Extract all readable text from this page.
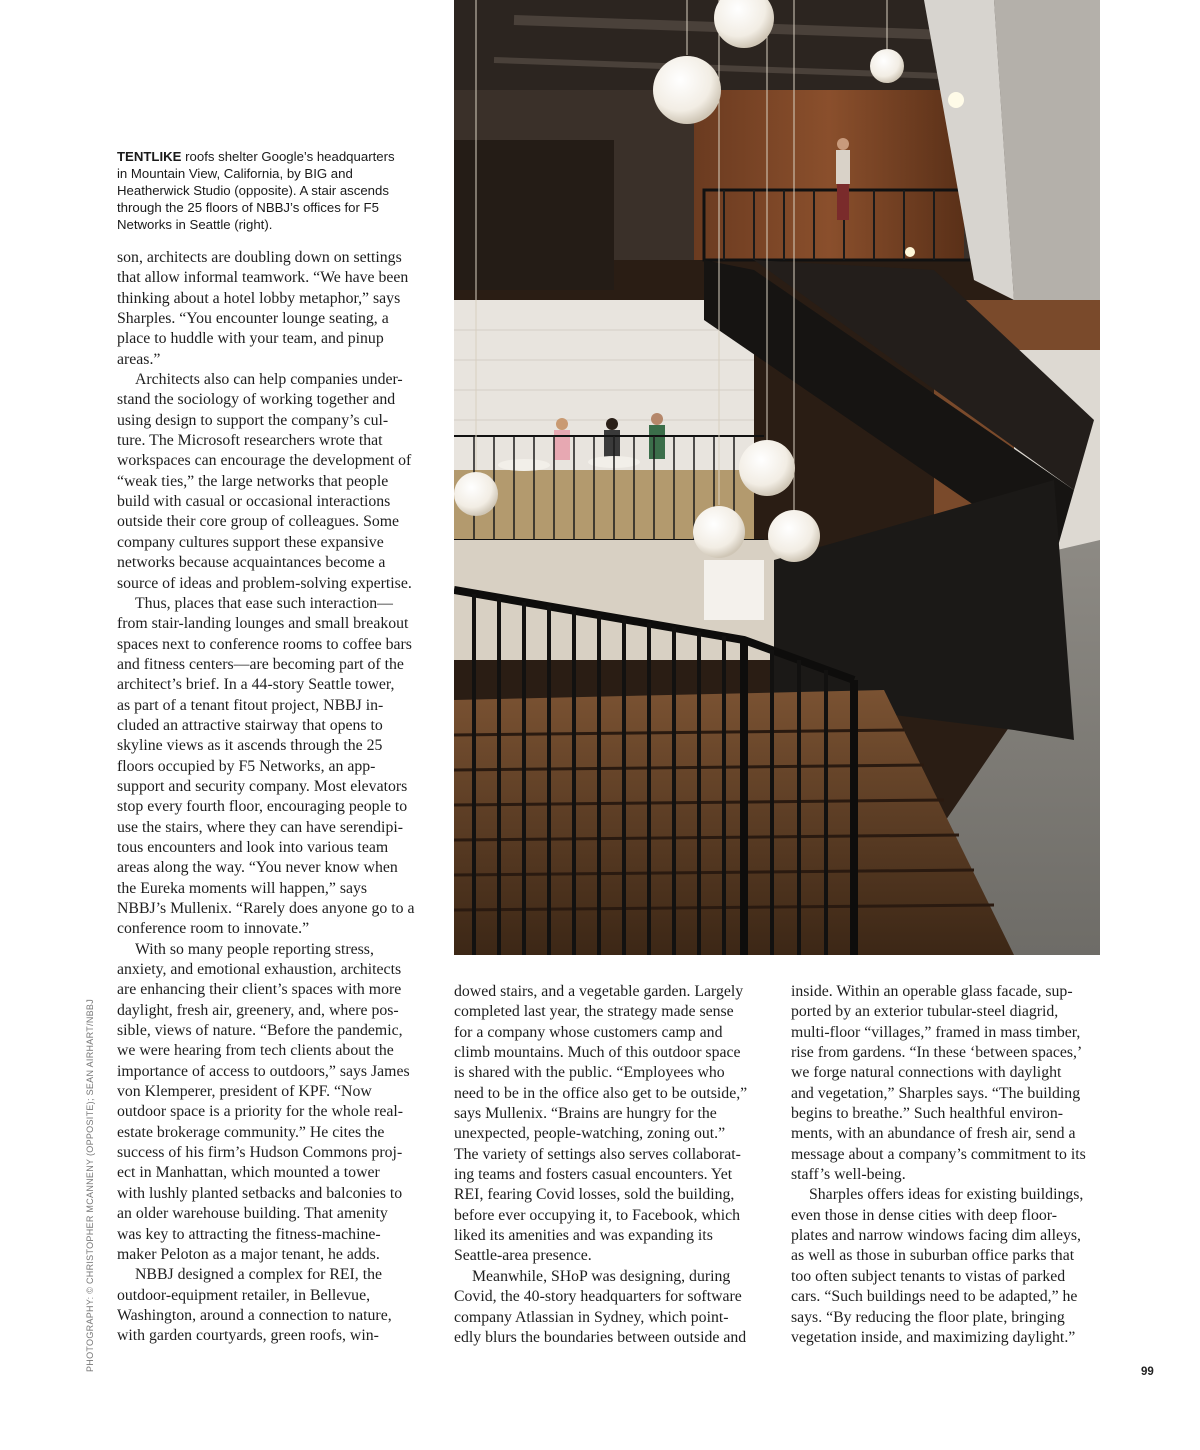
TENTLIKE roofs shelter Google’s headquarters
in Mountain View, California, by BIG and
Heatherwick Studio (opposite). A stair ascends
through the 25 floors of NBBJ’s offices for F5
Networks in Seattle (right).

son, architects are doubling down on settings

that allow informal teamwork. “We have been

thinking about a hotel lobby metaphor,” says

Sharples. “You encounter lounge seating, a

place to huddle with your team, and pinup

areas.”

Architects also can help companies under-

stand the sociology of working together and

using design to support the company’s cul-

ture. The Microsoft researchers wrote that

workspaces can encourage the development of

“weak ties,” the large networks that people

build with casual or occasional interactions

outside their core group of colleagues. Some

company cultures support these expansive

networks because acquaintances become a

source of ideas and problem-solving expertise.

Thus, places that ease such interaction—

from stair-landing lounges and small breakout

spaces next to conference rooms to coffee bars

and fitness centers—are becoming part of the

architect’s brief. In a 44-story Seattle tower,

as part of a tenant fitout project, NBBJ in-

cluded an attractive stairway that opens to

skyline views as it ascends through the 25

floors occupied by F5 Networks, an app-

support and security company. Most elevators

stop every fourth floor, encouraging people to

use the stairs, where they can have serendipi-

tous encounters and look into various team

areas along the way. “You never know when

the Eureka moments will happen,” says

NBBJ’s Mullenix. “Rarely does anyone go to a

conference room to innovate.”

With so many people reporting stress,

anxiety, and emotional exhaustion, architects

are enhancing their client’s spaces with more

daylight, fresh air, greenery, and, where pos-

sible, views of nature. “Before the pandemic,

we were hearing from tech clients about the

importance of access to outdoors,” says James

von Klemperer, president of KPF. “Now

outdoor space is a priority for the whole real-

estate brokerage community.” He cites the

success of his firm’s Hudson Commons proj-

ect in Manhattan, which mounted a tower

with lushly planted setbacks and balconies to

an older warehouse building. That amenity

was key to attracting the fitness-machine-

maker Peloton as a major tenant, he adds.

NBBJ designed a complex for REI, the

outdoor-equipment retailer, in Bellevue,

Washington, around a connection to nature,

with garden courtyards, green roofs, win-

dowed stairs, and a vegetable garden. Largely

completed last year, the strategy made sense

for a company whose customers camp and

climb mountains. Much of this outdoor space

is shared with the public. “Employees who

need to be in the office also get to be outside,”

says Mullenix. “Brains are hungry for the

unexpected, people-watching, zoning out.”

The variety of settings also serves collaborat-

ing teams and fosters casual encounters. Yet

REI, fearing Covid losses, sold the building,

before ever occupying it, to Facebook, which

liked its amenities and was expanding its

Seattle-area presence.

Meanwhile, SHoP was designing, during

Covid, the 40-story headquarters for software

company Atlassian in Sydney, which point-

edly blurs the boundaries between outside and

inside. Within an operable glass facade, sup-

ported by an exterior tubular-steel diagrid,

multi-floor “villages,” framed in mass timber,

rise from gardens. “In these ‘between spaces,’

we forge natural connections with daylight

and vegetation,” Sharples says. “The building

begins to breathe.” Such healthful environ-

ments, with an abundance of fresh air, send a

message about a company’s commitment to its

staff’s well-being.

Sharples offers ideas for existing buildings,

even those in dense cities with deep floor-

plates and narrow windows facing dim alleys,

as well as those in suburban office parks that

too often subject tenants to vistas of parked

cars. “Such buildings need to be adapted,” he

says. “By reducing the floor plate, bringing

vegetation inside, and maximizing daylight.”

PHOTOGRAPHY: © CHRISTOPHER MCANNENY (OPPOSITE); SEAN AIRHART/NBBJ	99
